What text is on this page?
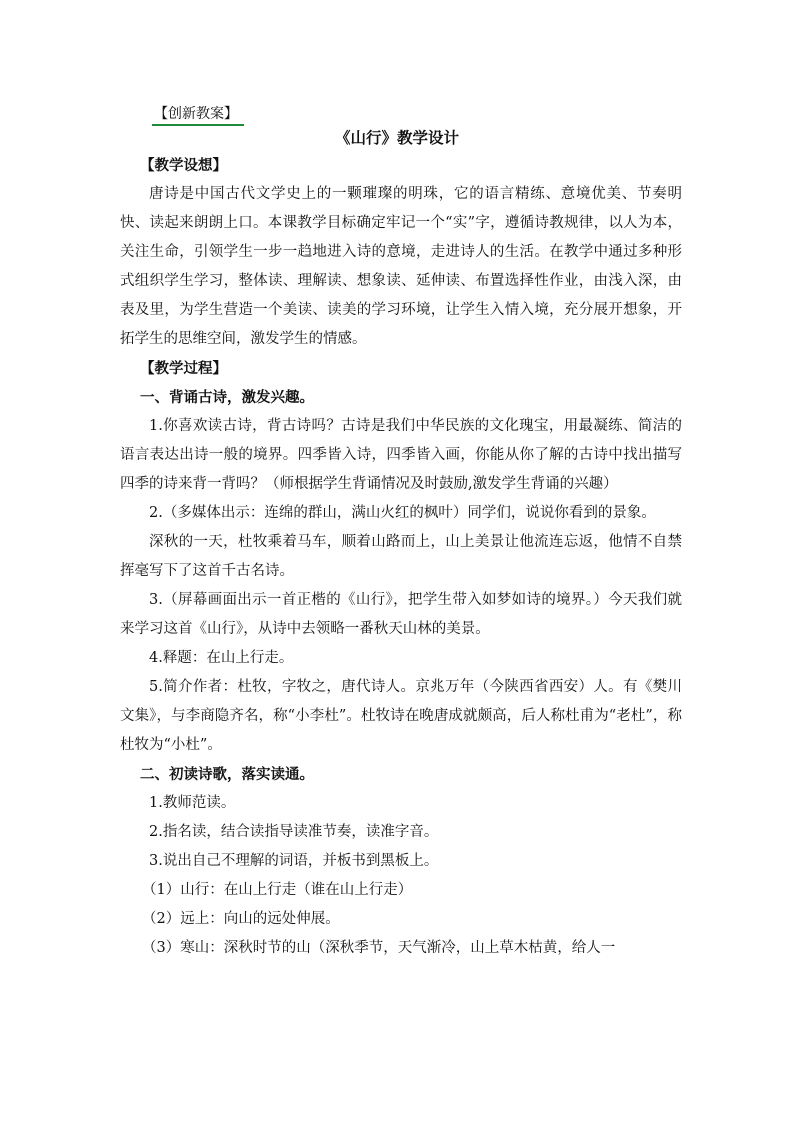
【创新教案】
《山行》教学设计

【教学设想】

唐诗是中国古代文学史上的一颗璀璨的明珠，它的语言精练、意境优美、节奏明快、读起来朗朗上口。本课教学目标确定牢记一个“实”字，遵循诗教规律，以人为本，关注生命，引领学生一步一趋地进入诗的意境，走进诗人的生活。在教学中通过多种形式组织学生学习，整体读、理解读、想象读、延伸读、布置选择性作业，由浅入深，由表及里，为学生营造一个美读、读美的学习环境，让学生入情入境，充分展开想象，开拓学生的思维空间，激发学生的情感。

【教学过程】

一、背诵古诗，激发兴趣。

1.你喜欢读古诗，背古诗吗？古诗是我们中华民族的文化瑰宝，用最凝练、简洁的语言表达出诗一般的境界。四季皆入诗，四季皆入画，你能从你了解的古诗中找出描写四季的诗来背一背吗？（师根据学生背诵情况及时鼓励,激发学生背诵的兴趣）

2.（多媒体出示：连绵的群山，满山火红的枫叶）同学们，说说你看到的景象。

深秋的一天，杜牧乘着马车，顺着山路而上，山上美景让他流连忘返，他情不自禁挥毫写下了这首千古名诗。

3.（屏幕画面出示一首正楷的《山行》，把学生带入如梦如诗的境界。）今天我们就来学习这首《山行》，从诗中去领略一番秋天山林的美景。

4.释题：在山上行走。

5.简介作者：杜牧，字牧之，唐代诗人。京兆万年（今陕西省西安）人。有《樊川文集》，与李商隐齐名，称“小李杜”。杜牧诗在晚唐成就颇高，后人称杜甫为“老杜”，称杜牧为“小杜”。

二、初读诗歌，落实读通。

1.教师范读。

2.指名读，结合读指导读准节奏，读准字音。

3.说出自己不理解的词语，并板书到黑板上。

（1）山行：在山上行走（谁在山上行走）

（2）远上：向山的远处伸展。

（3）寒山：深秋时节的山（深秋季节，天气渐冷，山上草木枯黄，给人一
